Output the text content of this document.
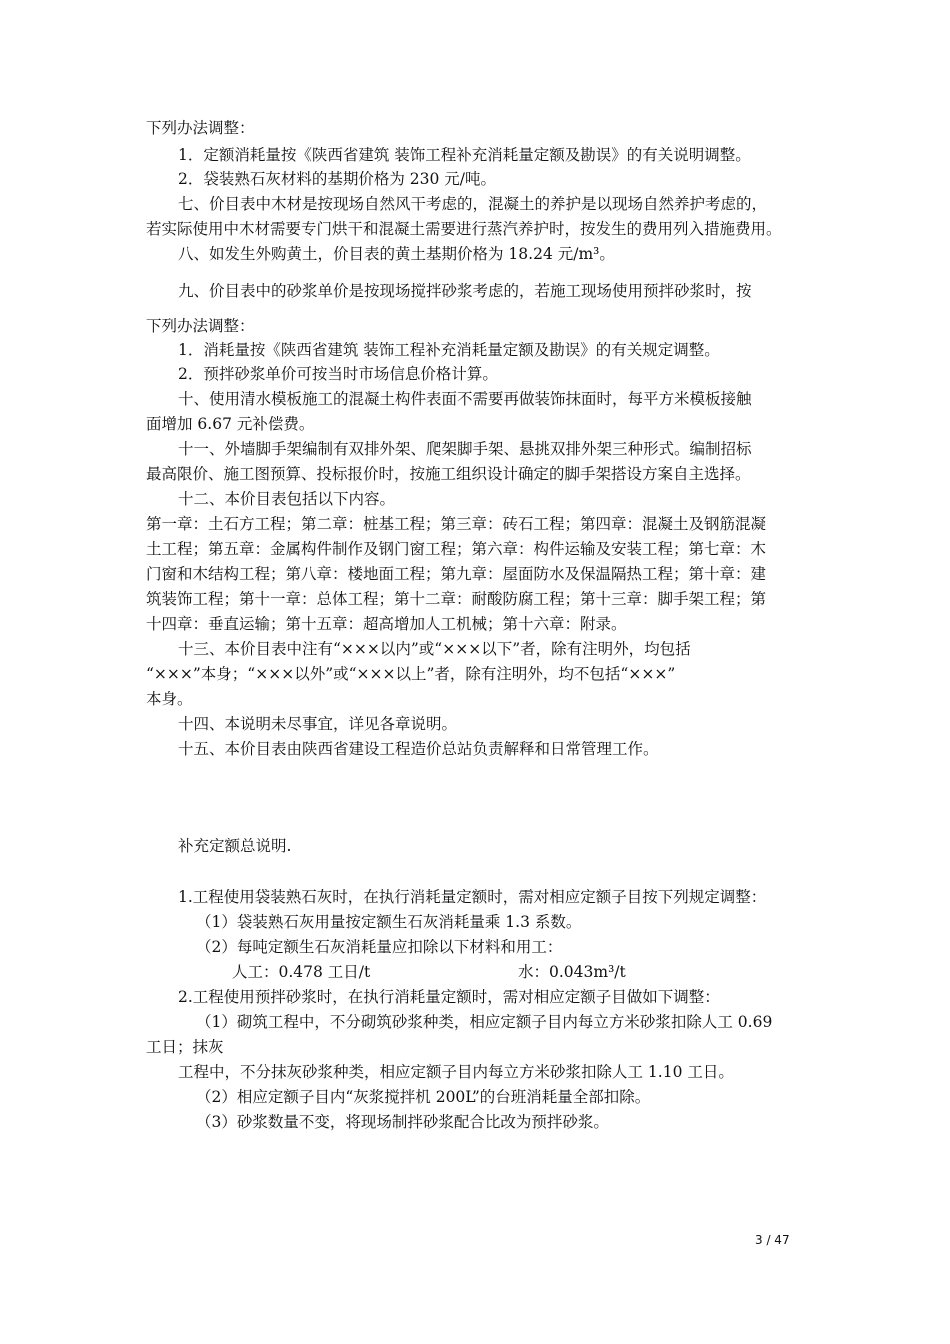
下列办法调整：
1．定额消耗量按《陕西省建筑 装饰工程补充消耗量定额及勘误》的有关说明调整。
2．袋装熟石灰材料的基期价格为 230 元/吨。
七、价目表中木材是按现场自然风干考虑的，混凝土的养护是以现场自然养护考虑的，
若实际使用中木材需要专门烘干和混凝土需要进行蒸汽养护时，按发生的费用列入措施费用。
八、如发生外购黄土，价目表的黄土基期价格为 18.24 元/m³。
九、价目表中的砂浆单价是按现场搅拌砂浆考虑的，若施工现场使用预拌砂浆时，按
下列办法调整：
1．消耗量按《陕西省建筑 装饰工程补充消耗量定额及勘误》的有关规定调整。
2．预拌砂浆单价可按当时市场信息价格计算。
十、使用清水模板施工的混凝土构件表面不需要再做装饰抹面时，每平方米模板接触
面增加 6.67 元补偿费。
十一、外墙脚手架编制有双排外架、爬架脚手架、悬挑双排外架三种形式。编制招标
最高限价、施工图预算、投标报价时，按施工组织设计确定的脚手架搭设方案自主选择。
十二、本价目表包括以下内容。
第一章：土石方工程；第二章：桩基工程；第三章：砖石工程；第四章：混凝土及钢筋混凝
土工程；第五章：金属构件制作及钢门窗工程；第六章：构件运输及安装工程；第七章：木
门窗和木结构工程；第八章：楼地面工程；第九章：屋面防水及保温隔热工程；第十章：建
筑装饰工程；第十一章：总体工程；第十二章：耐酸防腐工程；第十三章：脚手架工程；第
十四章：垂直运输；第十五章：超高增加人工机械；第十六章：附录。
十三、本价目表中注有“×××以内”或“×××以下”者，除有注明外，均包括
“×××”本身；“×××以外”或“×××以上”者，除有注明外，均不包括“×××”
本身。
十四、本说明未尽事宜，详见各章说明。
十五、本价目表由陕西省建设工程造价总站负责解释和日常管理工作。
补充定额总说明.
1.工程使用袋装熟石灰时，在执行消耗量定额时，需对相应定额子目按下列规定调整：
（1）袋装熟石灰用量按定额生石灰消耗量乘 1.3 系数。
（2）每吨定额生石灰消耗量应扣除以下材料和用工：
人工：0.478 工日/t	水：0.043m³/t
2.工程使用预拌砂浆时，在执行消耗量定额时，需对相应定额子目做如下调整：
（1）砌筑工程中，不分砌筑砂浆种类，相应定额子目内每立方米砂浆扣除人工 0.69
工日；抹灰
工程中，不分抹灰砂浆种类，相应定额子目内每立方米砂浆扣除人工 1.10 工日。
（2）相应定额子目内“灰浆搅拌机 200L”的台班消耗量全部扣除。
（3）砂浆数量不变，将现场制拌砂浆配合比改为预拌砂浆。
3 / 47
